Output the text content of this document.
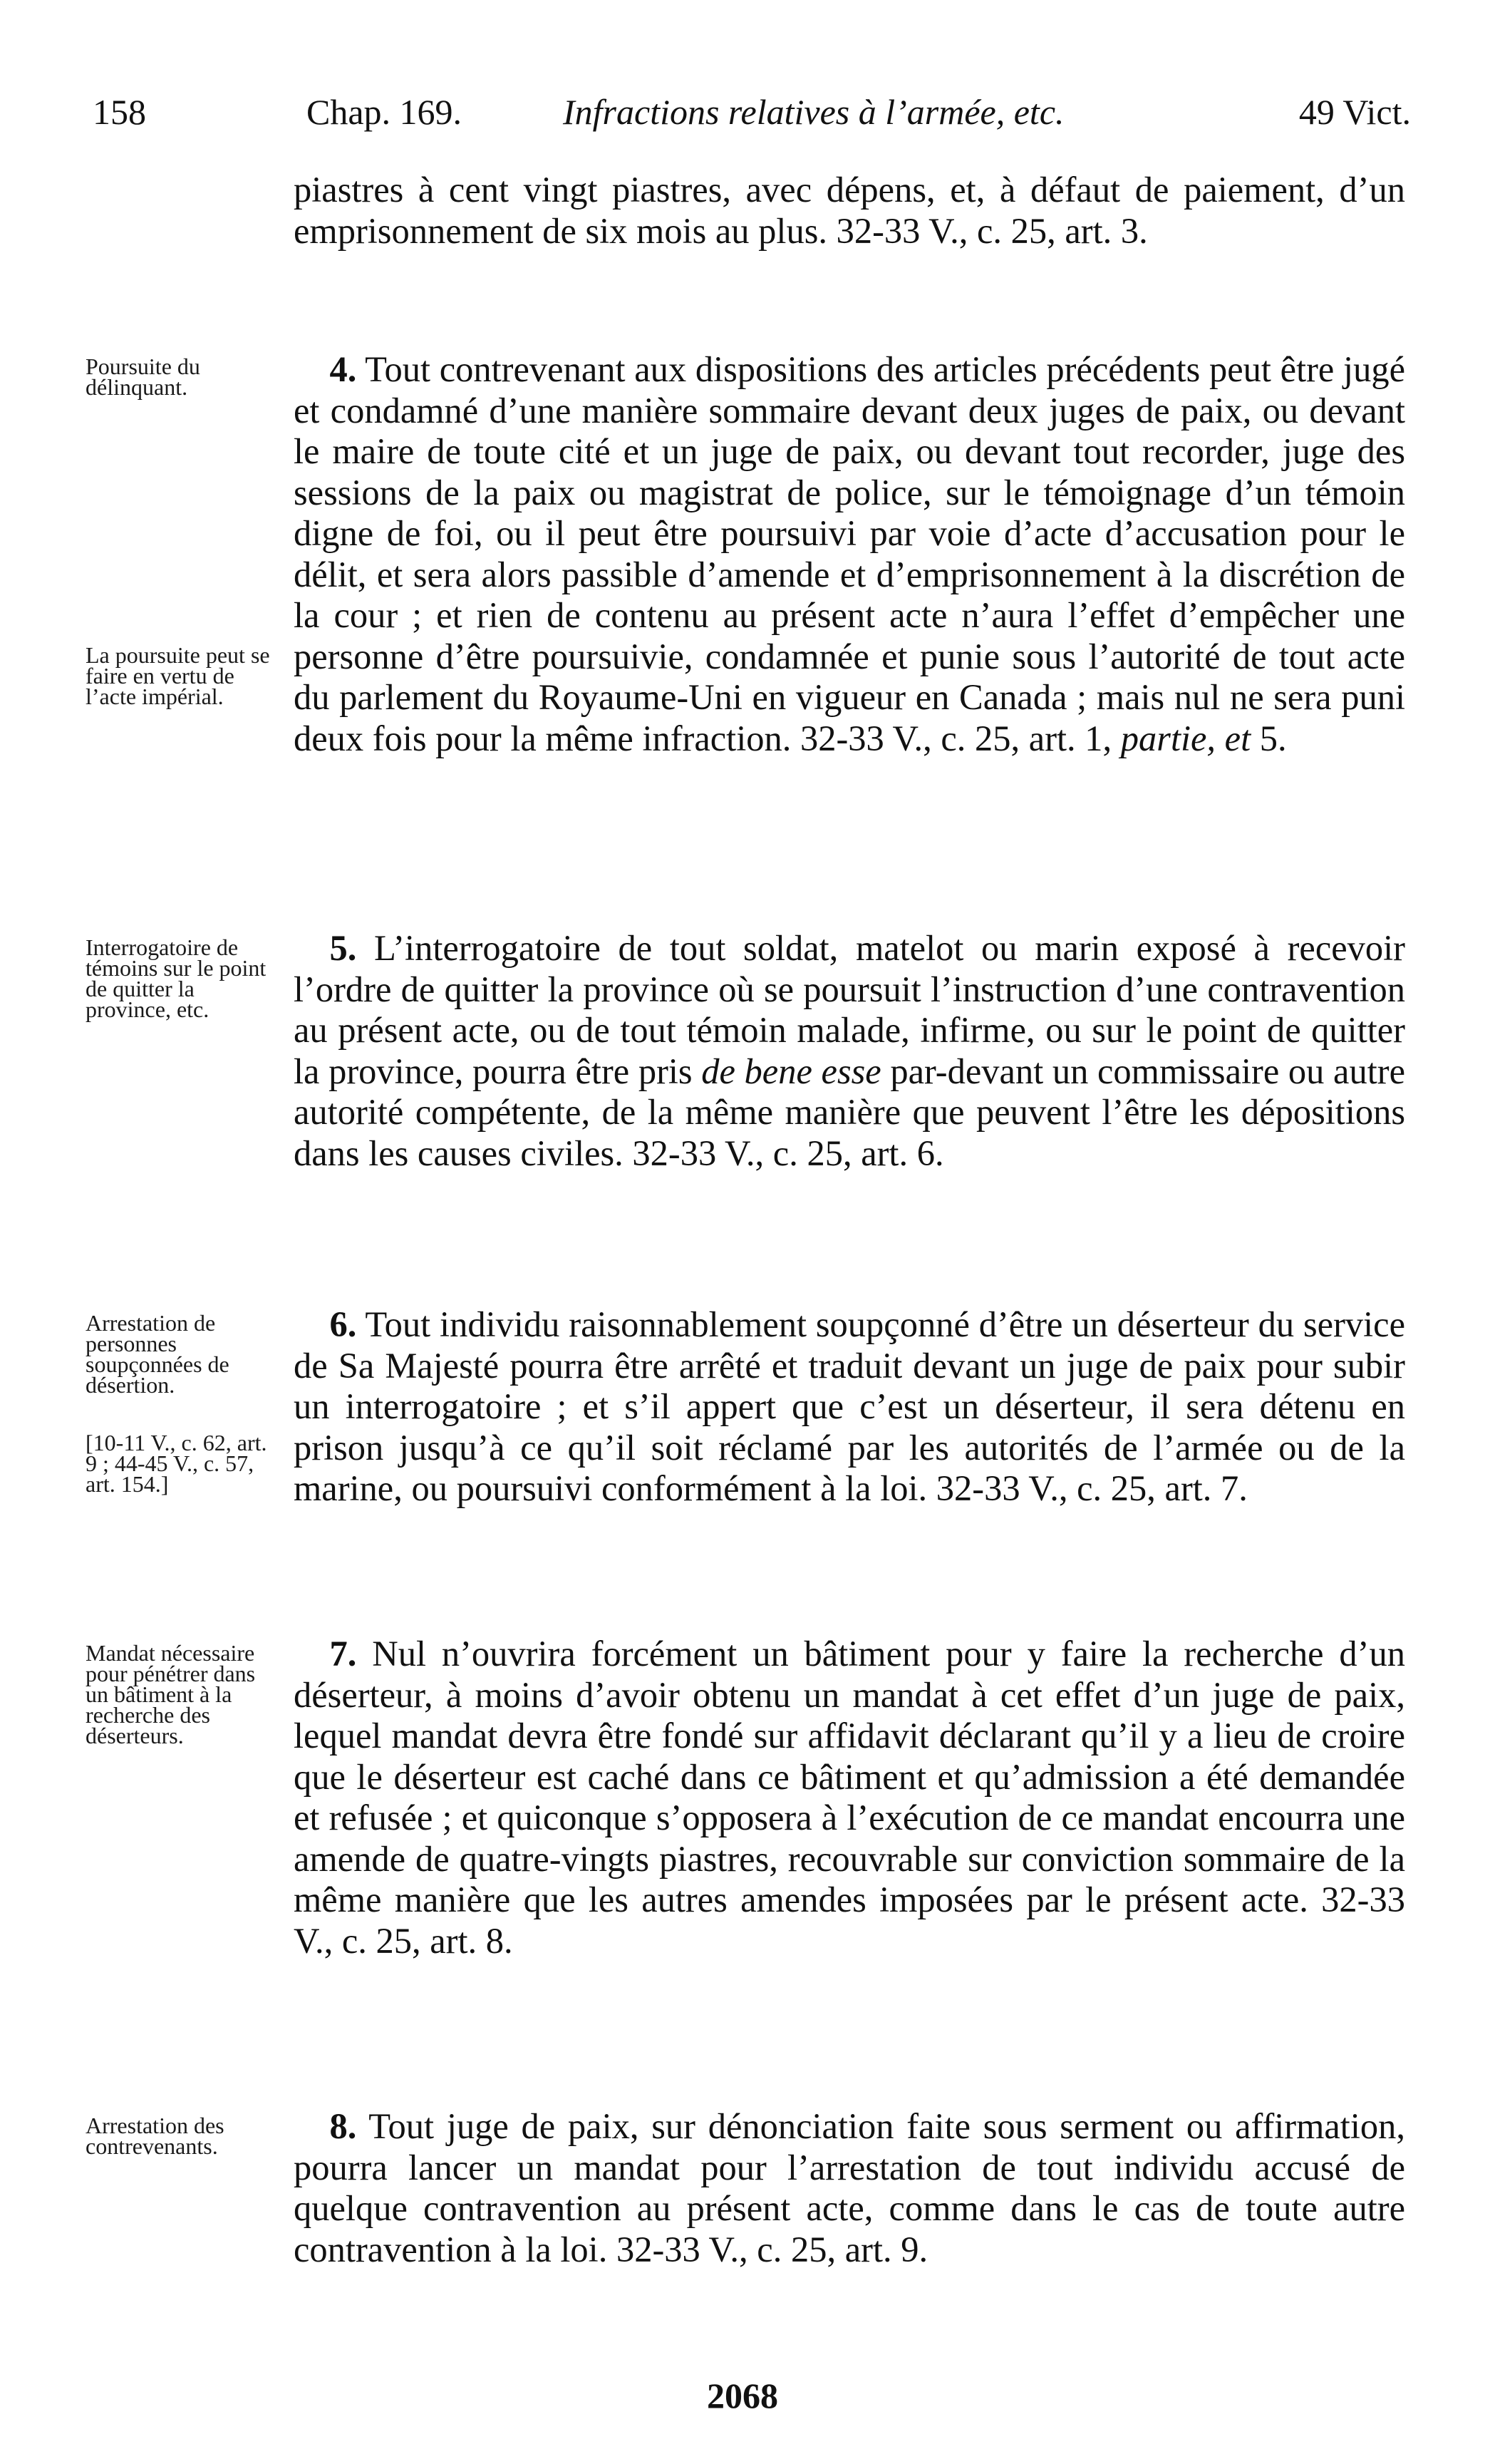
158	Chap. 169.	Infractions relatives à l’armée, etc.	49 Vict.

piastres à cent vingt piastres, avec dépens, et, à défaut de paiement, d’un emprisonnement de six mois au plus. 32-33 V., c. 25, art. 3.

Poursuite du délinquant.

 	4. Tout contrevenant aux dispositions des articles précédents peut être jugé et condamné d’une manière sommaire devant deux juges de paix, ou devant le maire de toute cité et un juge de paix, ou devant tout recorder, juge des sessions de la paix ou magistrat de police, sur le témoignage d’un témoin digne de foi, ou il peut être poursuivi par voie d’acte d’accusation pour le délit, et sera alors passible d’amende et d’emprisonnement à la discrétion de la cour ; et rien de contenu au présent acte n’aura l’effet d’empêcher une personne d’être poursuivie, condamnée et punie sous l’autorité de tout acte du parlement du Royaume-Uni en vigueur en Canada ; mais nul ne sera puni deux fois pour la même infraction. 32-33 V., c. 25, art. 1, partie, et 5.

La poursuite peut se faire en vertu de l’acte impérial.
Interrogatoire de témoins sur le point de quitter la province, etc.

 5. L’interrogatoire de tout soldat, matelot ou marin exposé à recevoir l’ordre de quitter la province où se poursuit l’instruction d’une contravention au présent acte, ou de tout témoin malade, infirme, ou sur le point de quitter la province, pourra être pris de bene esse par-devant un commissaire ou autre autorité compétente, de la même manière que peuvent l’être les dépositions dans les causes civiles. 32-33 V., c. 25, art. 6.

Arrestation de personnes soupçonnées de désertion.
[10-11 V., c. 62, art. 9 ; 44-45 V., c. 57, art. 154.]

 6. Tout individu raisonnablement soupçonné d’être un déserteur du service de Sa Majesté pourra être arrêté et traduit devant un juge de paix pour subir un interrogatoire ; et s’il appert que c’est un déserteur, il sera détenu en prison jusqu’à ce qu’il soit réclamé par les autorités de l’armée ou de la marine, ou poursuivi conformément à la loi. 32-33 V., c. 25, art. 7.

Mandat nécessaire pour pénétrer dans un bâtiment à la recherche des déserteurs.

 7. Nul n’ouvrira forcément un bâtiment pour y faire la recherche d’un déserteur, à moins d’avoir obtenu un mandat à cet effet d’un juge de paix, lequel mandat devra être fondé sur affidavit déclarant qu’il y a lieu de croire que le déserteur est caché dans ce bâtiment et qu’admission a été demandée et refusée ; et quiconque s’opposera à l’exécution de ce mandat encourra une amende de quatre-vingts piastres, recouvrable sur conviction sommaire de la même manière que les autres amendes imposées par le présent acte. 32-33 V., c. 25, art. 8.

Arrestation des contrevenants.

 	8. Tout juge de paix, sur dénonciation faite sous serment ou affirmation, pourra lancer un mandat pour l’arrestation de tout individu accusé de quelque contravention au présent acte, comme dans le cas de toute autre contravention à la loi. 32-33 V., c. 25, art. 9.

2068
